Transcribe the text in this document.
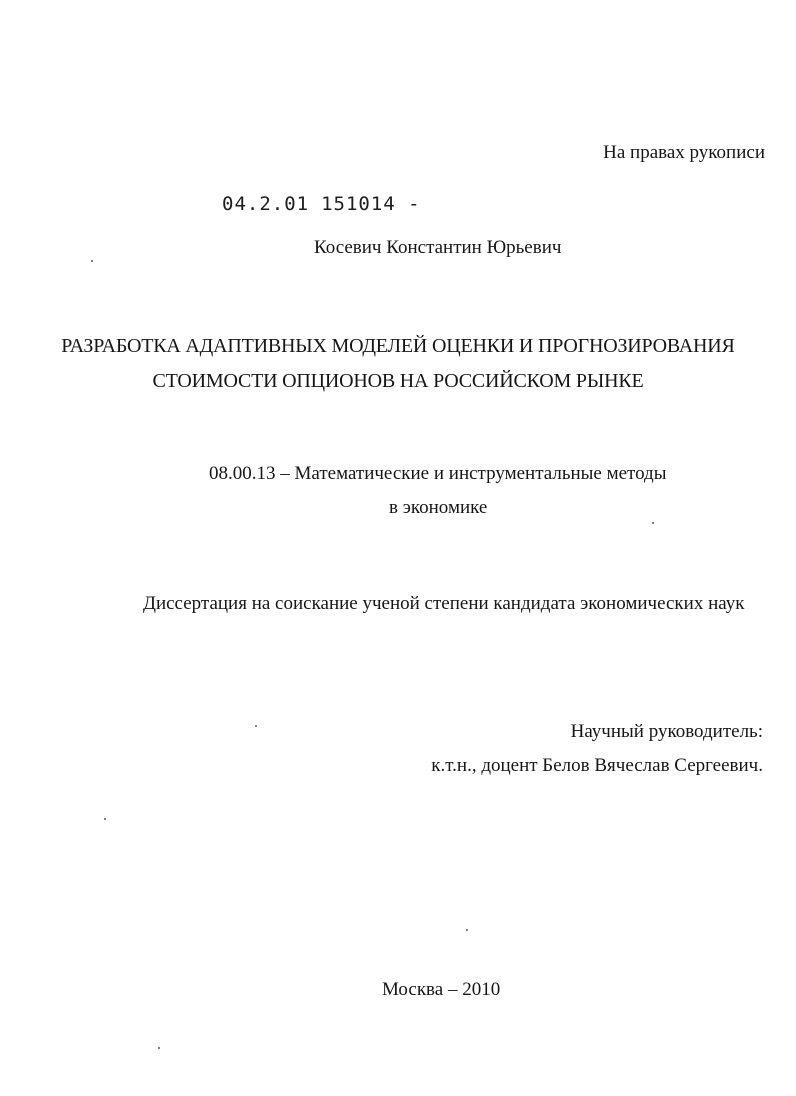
На правах рукописи
04.2.01 151014 -
Косевич Константин Юрьевич
РАЗРАБОТКА АДАПТИВНЫХ МОДЕЛЕЙ ОЦЕНКИ И ПРОГНОЗИРОВАНИЯ
СТОИМОСТИ ОПЦИОНОВ НА РОССИЙСКОМ РЫНКЕ
08.00.13 – Математические и инструментальные методы
в экономике
Диссертация на соискание ученой степени кандидата экономических наук
Научный руководитель:
к.т.н., доцент Белов Вячеслав Сергеевич.
Москва – 2010
